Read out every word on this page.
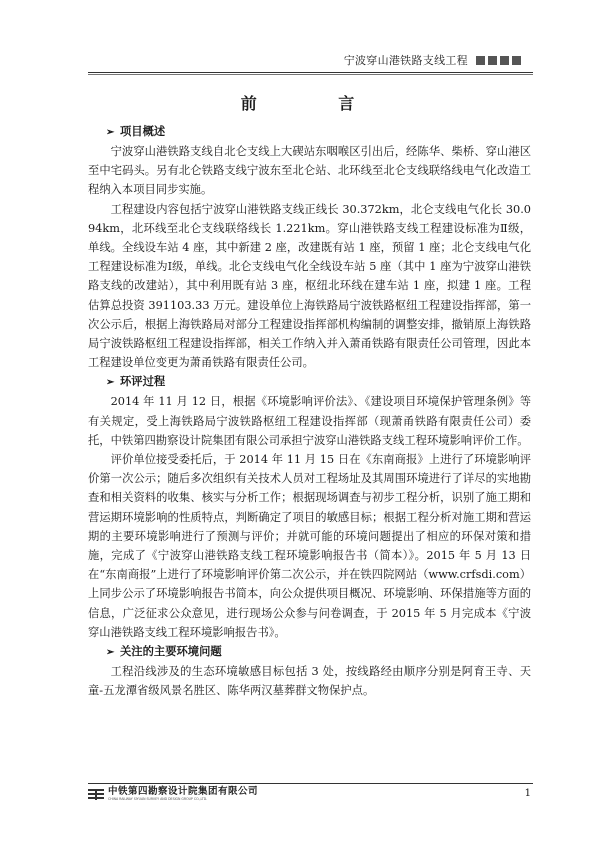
宁波穿山港铁路支线工程
前 言
➢ 项目概述

宁波穿山港铁路支线自北仑支线上大碶站东咽喉区引出后，经陈华、柴桥、穿山港区至中宅码头。另有北仑铁路支线宁波东至北仑站、北环线至北仑支线联络线电气化改造工程纳入本项目同步实施。

工程建设内容包括宁波穿山港铁路支线正线长 30.372km，北仑支线电气化长 30.094km，北环线至北仑支线联络线长 1.221km。穿山港铁路支线工程建设标准为Ⅱ级，单线。全线设车站 4 座，其中新建 2 座，改建既有站 1 座，预留 1 座；北仑支线电气化工程建设标准为Ⅰ级，单线。北仑支线电气化全线设车站 5 座（其中 1 座为宁波穿山港铁路支线的改建站），其中利用既有站 3 座，枢纽北环线在建车站 1 座，拟建 1 座。工程估算总投资 391103.33 万元。建设单位上海铁路局宁波铁路枢纽工程建设指挥部，第一次公示后，根据上海铁路局对部分工程建设指挥部机构编制的调整安排，撤销原上海铁路局宁波铁路枢纽工程建设指挥部，相关工作纳入并入萧甬铁路有限责任公司管理，因此本工程建设单位变更为萧甬铁路有限责任公司。

➢ 环评过程

2014 年 11 月 12 日，根据《环境影响评价法》、《建设项目环境保护管理条例》等有关规定，受上海铁路局宁波铁路枢纽工程建设指挥部（现萧甬铁路有限责任公司）委托，中铁第四勘察设计院集团有限公司承担宁波穿山港铁路支线工程环境影响评价工作。

评价单位接受委托后，于 2014 年 11 月 15 日在《东南商报》上进行了环境影响评价第一次公示；随后多次组织有关技术人员对工程场址及其周围环境进行了详尽的实地勘查和相关资料的收集、核实与分析工作；根据现场调查与初步工程分析，识别了施工期和营运期环境影响的性质特点，判断确定了项目的敏感目标；根据工程分析对施工期和营运期的主要环境影响进行了预测与评价；并就可能的环境问题提出了相应的环保对策和措施，完成了《宁波穿山港铁路支线工程环境影响报告书（简本）》。2015 年 5 月 13 日在“东南商报”上进行了环境影响评价第二次公示，并在铁四院网站（www.crfsdi.com）上同步公示了环境影响报告书简本，向公众提供项目概况、环境影响、环保措施等方面的信息，广泛征求公众意见，进行现场公众参与问卷调查，于 2015 年 5 月完成本《宁波穿山港铁路支线工程环境影响报告书》。

➢ 关注的主要环境问题

工程沿线涉及的生态环境敏感目标包括 3 处，按线路经由顺序分别是阿育王寺、天童-五龙潭省级风景名胜区、陈华两汉墓葬群文物保护点。

中铁第四勘察设计院集团有限公司
CHINA RAILWAY SIYUAN SURVEY AND DESIGN GROUP CO.,LTD.	1
